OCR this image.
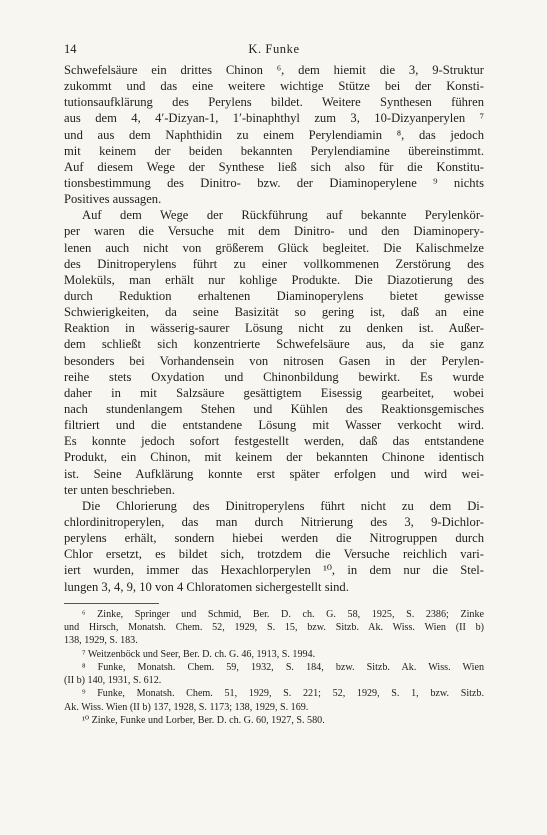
14	K. Funke
Schwefelsäure ein drittes Chinon ⁶, dem hiemit die 3, 9-Struktur
zukommt und das eine weitere wichtige Stütze bei der Konsti-
tutionsaufklärung des Perylens bildet. Weitere Synthesen führen
aus dem 4, 4′-Dizyan-1, 1′-binaphthyl zum 3, 10-Dizyanperylen ⁷
und aus dem Naphthidin zu einem Perylendiamin ⁸, das jedoch
mit keinem der beiden bekannten Perylendiamine übereinstimmt.
Auf diesem Wege der Synthese ließ sich also für die Konstitu-
tionsbestimmung des Dinitro- bzw. der Diaminoperylene ⁹ nichts
Positives aussagen.
Auf dem Wege der Rückführung auf bekannte Perylenkör-
per waren die Versuche mit dem Dinitro- und den Diaminopery-
lenen auch nicht von größerem Glück begleitet. Die Kalischmelze
des Dinitroperylens führt zu einer vollkommenen Zerstörung des
Moleküls, man erhält nur kohlige Produkte. Die Diazotierung des
durch Reduktion erhaltenen Diaminoperylens bietet gewisse
Schwierigkeiten, da seine Basizität so gering ist, daß an eine
Reaktion in wässerig-saurer Lösung nicht zu denken ist. Außer-
dem schließt sich konzentrierte Schwefelsäure aus, da sie ganz
besonders bei Vorhandensein von nitrosen Gasen in der Perylen-
reihe stets Oxydation und Chinonbildung bewirkt. Es wurde
daher in mit Salzsäure gesättigtem Eisessig gearbeitet, wobei
nach stundenlangem Stehen und Kühlen des Reaktionsgemisches
filtriert und die entstandene Lösung mit Wasser verkocht wird.
Es konnte jedoch sofort festgestellt werden, daß das entstandene
Produkt, ein Chinon, mit keinem der bekannten Chinone identisch
ist. Seine Aufklärung konnte erst später erfolgen und wird wei-
ter unten beschrieben.
Die Chlorierung des Dinitroperylens führt nicht zu dem Di-
chlordinitroperylen, das man durch Nitrierung des 3, 9-Dichlor-
perylens erhält, sondern hiebei werden die Nitrogruppen durch
Chlor ersetzt, es bildet sich, trotzdem die Versuche reichlich vari-
iert wurden, immer das Hexachlorperylen ¹⁰, in dem nur die Stel-
lungen 3, 4, 9, 10 von 4 Chloratomen sichergestellt sind.
⁶ Zinke, Springer und Schmid, Ber. D. ch. G. 58, 1925, S. 2386; Zinke
und Hirsch, Monatsh. Chem. 52, 1929, S. 15, bzw. Sitzb. Ak. Wiss. Wien (II b)
138, 1929, S. 183.
⁷ Weitzenböck und Seer, Ber. D. ch. G. 46, 1913, S. 1994.
⁸ Funke, Monatsh. Chem. 59, 1932, S. 184, bzw. Sitzb. Ak. Wiss. Wien
(II b) 140, 1931, S. 612.
⁹ Funke, Monatsh. Chem. 51, 1929, S. 221; 52, 1929, S. 1, bzw. Sitzb.
Ak. Wiss. Wien (II b) 137, 1928, S. 1173; 138, 1929, S. 169.
¹⁰ Zinke, Funke und Lorber, Ber. D. ch. G. 60, 1927, S. 580.
